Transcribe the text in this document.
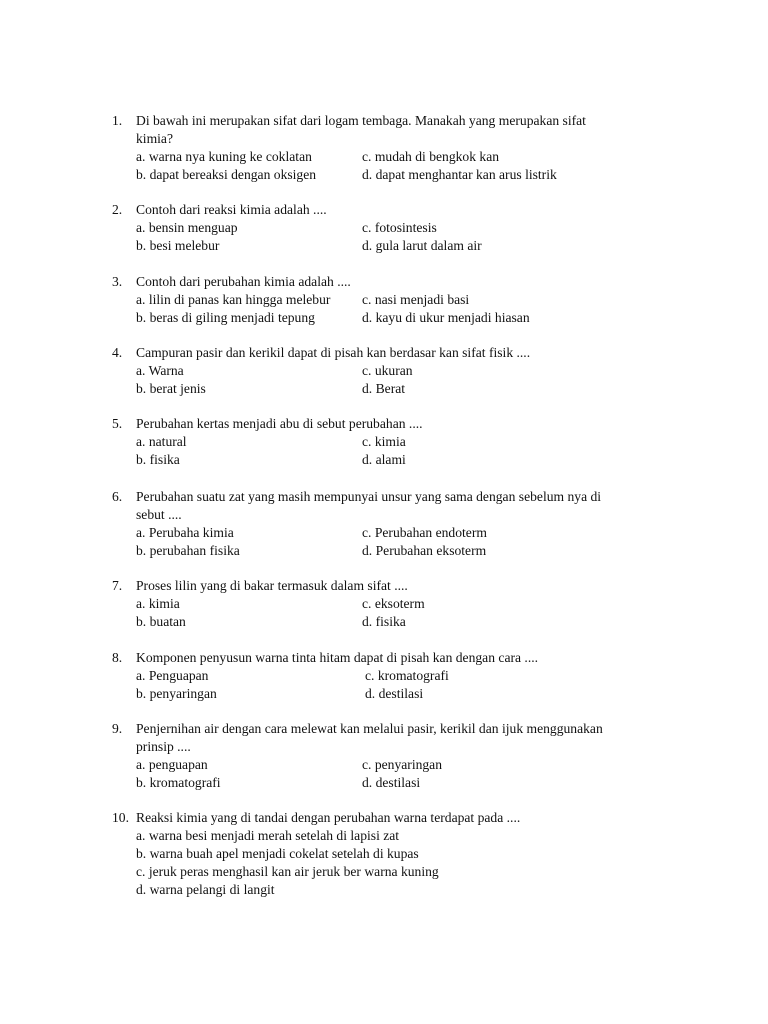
1.	Di bawah ini merupakan sifat dari logam tembaga. Manakah yang merupakan sifat
kimia?
a. warna nya kuning ke coklatan	c. mudah di bengkok kan
b. dapat bereaksi dengan oksigen	d. dapat menghantar kan arus listrik
2.	Contoh dari reaksi kimia adalah ....
a. bensin menguap	c. fotosintesis
b. besi melebur	d. gula larut dalam air
3.	Contoh dari perubahan kimia adalah ....
a. lilin di panas kan hingga melebur c. nasi menjadi basi
b. beras di giling menjadi tepung	d. kayu di ukur menjadi hiasan
4.	Campuran pasir dan kerikil dapat di pisah kan berdasar kan sifat fisik ....
a. Warna	c. ukuran
b. berat jenis	d. Berat
5.	Perubahan kertas menjadi abu di sebut perubahan ....
a. natural	c. kimia
b. fisika	d. alami
6.	Perubahan suatu zat yang masih mempunyai unsur yang sama dengan sebelum nya di
sebut ....
a. Perubaha kimia	c. Perubahan endoterm
b. perubahan fisika	d. Perubahan eksoterm
7.	Proses lilin yang di bakar termasuk dalam sifat ....
a. kimia	c. eksoterm
b. buatan	d. fisika
8.	Komponen penyusun warna tinta hitam dapat di pisah kan dengan cara ....
a. Penguapan	c. kromatografi
b. penyaringan	d. destilasi
9.	Penjernihan air dengan cara melewat kan melalui pasir, kerikil dan ijuk menggunakan
prinsip ....
a. penguapan	c. penyaringan
b. kromatografi	d. destilasi
10. Reaksi kimia yang di tandai dengan perubahan warna terdapat pada ....
a. warna besi menjadi merah setelah di lapisi zat
b. warna buah apel menjadi cokelat setelah di kupas
c. jeruk peras menghasil kan air jeruk ber warna kuning
d. warna pelangi di langit
